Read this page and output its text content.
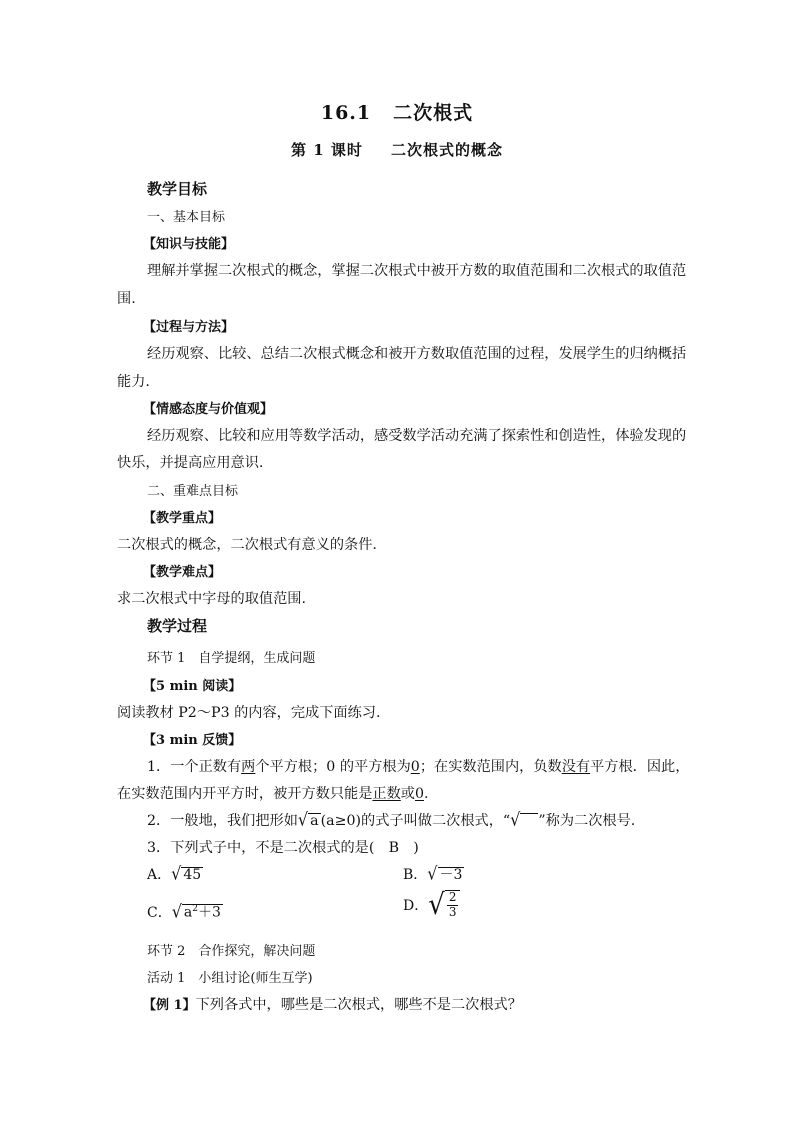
16.1 二次根式
第 1 课时 二次根式的概念
教学目标
一、基本目标
【知识与技能】
理解并掌握二次根式的概念，掌握二次根式中被开方数的取值范围和二次根式的取值范
围.
【过程与方法】
经历观察、比较、总结二次根式概念和被开方数取值范围的过程，发展学生的归纳概括
能力.
【情感态度与价值观】
经历观察、比较和应用等数学活动，感受数学活动充满了探索性和创造性，体验发现的
快乐，并提高应用意识.
二、重难点目标
【教学重点】
二次根式的概念，二次根式有意义的条件.
【教学难点】
求二次根式中字母的取值范围.
教学过程
环节 1　自学提纲，生成问题
【5 min 阅读】
阅读教材 P2～P3 的内容，完成下面练习.
【3 min 反馈】
1．一个正数有两个平方根；0 的平方根为0；在实数范围内，负数没有平方根．因此，
在实数范围内开平方时，被开方数只能是正数或0.
2．一般地，我们把形如√ a (a≥0)的式子叫做二次根式，“√ ”称为二次根号.
3．下列式子中，不是二次根式的是(　B　)
A．√ 45	B．√ －3
C．√ $a^2+3$	D．√ $\frac{2}{3}$
环节 2　合作探究，解决问题
活动 1　小组讨论(师生互学)
【例 1】下列各式中，哪些是二次根式，哪些不是二次根式？
